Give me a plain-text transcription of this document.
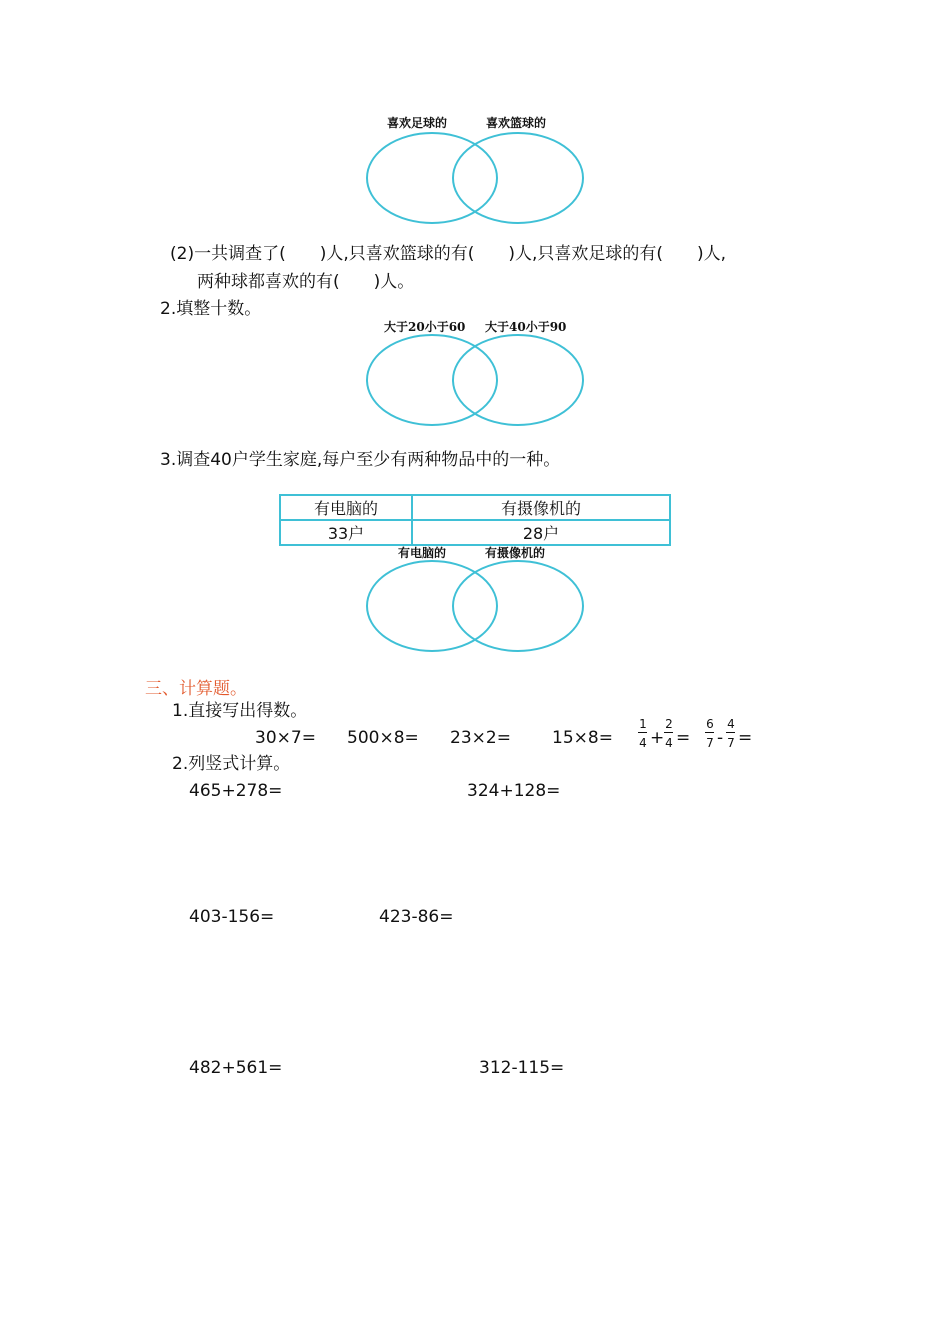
喜欢足球的	喜欢篮球的
(2)一共调查了(　　)人,只喜欢篮球的有(　　)人,只喜欢足球的有(　　)人,
两种球都喜欢的有(　　)人。
2.填整十数。
大于20小于60 大于40小于90
3.调查40户学生家庭,每户至少有两种物品中的一种。
有电脑的	有摄像机的
33户	28户
有电脑的	有摄像机的
三、计算题。
1.直接写出得数。
30×7= 500×8= 23×2= 15×8=
1
4 +
2
4 =
6
7 -
4
7 =
2.列竖式计算。
465+278=	324+128=
403-156=	423-86=
482+561=	312-115=
